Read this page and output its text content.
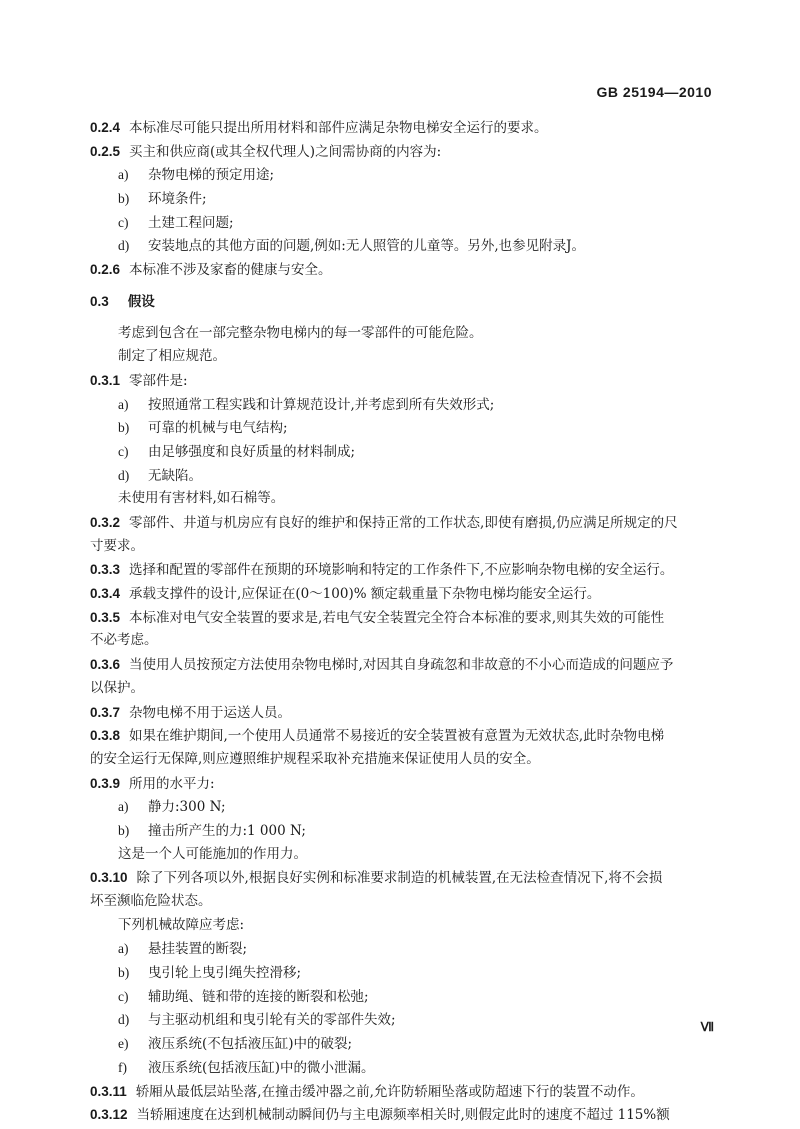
GB 25194—2010
0.2.4 本标准尽可能只提出所用材料和部件应满足杂物电梯安全运行的要求。
0.2.5 买主和供应商(或其全权代理人)之间需协商的内容为:
a) 杂物电梯的预定用途;
b) 环境条件;
c) 土建工程问题;
d) 安装地点的其他方面的问题,例如:无人照管的儿童等。另外,也参见附录J。
0.2.6 本标准不涉及家畜的健康与安全。
0.3 假设
考虑到包含在一部完整杂物电梯内的每一零部件的可能危险。
制定了相应规范。
0.3.1 零部件是:
a) 按照通常工程实践和计算规范设计,并考虑到所有失效形式;
b) 可靠的机械与电气结构;
c) 由足够强度和良好质量的材料制成;
d) 无缺陷。
未使用有害材料,如石棉等。
0.3.2 零部件、井道与机房应有良好的维护和保持正常的工作状态,即使有磨损,仍应满足所规定的尺
寸要求。
0.3.3 选择和配置的零部件在预期的环境影响和特定的工作条件下,不应影响杂物电梯的安全运行。
0.3.4 承载支撑件的设计,应保证在(0～100)% 额定载重量下杂物电梯均能安全运行。
0.3.5 本标准对电气安全装置的要求是,若电气安全装置完全符合本标准的要求,则其失效的可能性
不必考虑。
0.3.6 当使用人员按预定方法使用杂物电梯时,对因其自身疏忽和非故意的不小心而造成的问题应予
以保护。
0.3.7 杂物电梯不用于运送人员。
0.3.8 如果在维护期间,一个使用人员通常不易接近的安全装置被有意置为无效状态,此时杂物电梯
的安全运行无保障,则应遵照维护规程采取补充措施来保证使用人员的安全。
0.3.9 所用的水平力:
a) 静力:300 N;
b) 撞击所产生的力:1 000 N;
这是一个人可能施加的作用力。
0.3.10 除了下列各项以外,根据良好实例和标准要求制造的机械装置,在无法检查情况下,将不会损
坏至濒临危险状态。
下列机械故障应考虑:
a) 悬挂装置的断裂;
b) 曳引轮上曳引绳失控滑移;
c) 辅助绳、链和带的连接的断裂和松弛;
d) 与主驱动机组和曳引轮有关的零部件失效;
e) 液压系统(不包括液压缸)中的破裂;
f) 液压系统(包括液压缸)中的微小泄漏。
0.3.11 轿厢从最低层站坠落,在撞击缓冲器之前,允许防轿厢坠落或防超速下行的装置不动作。
0.3.12 当轿厢速度在达到机械制动瞬间仍与主电源频率相关时,则假定此时的速度不超过 115%额
Ⅶ
